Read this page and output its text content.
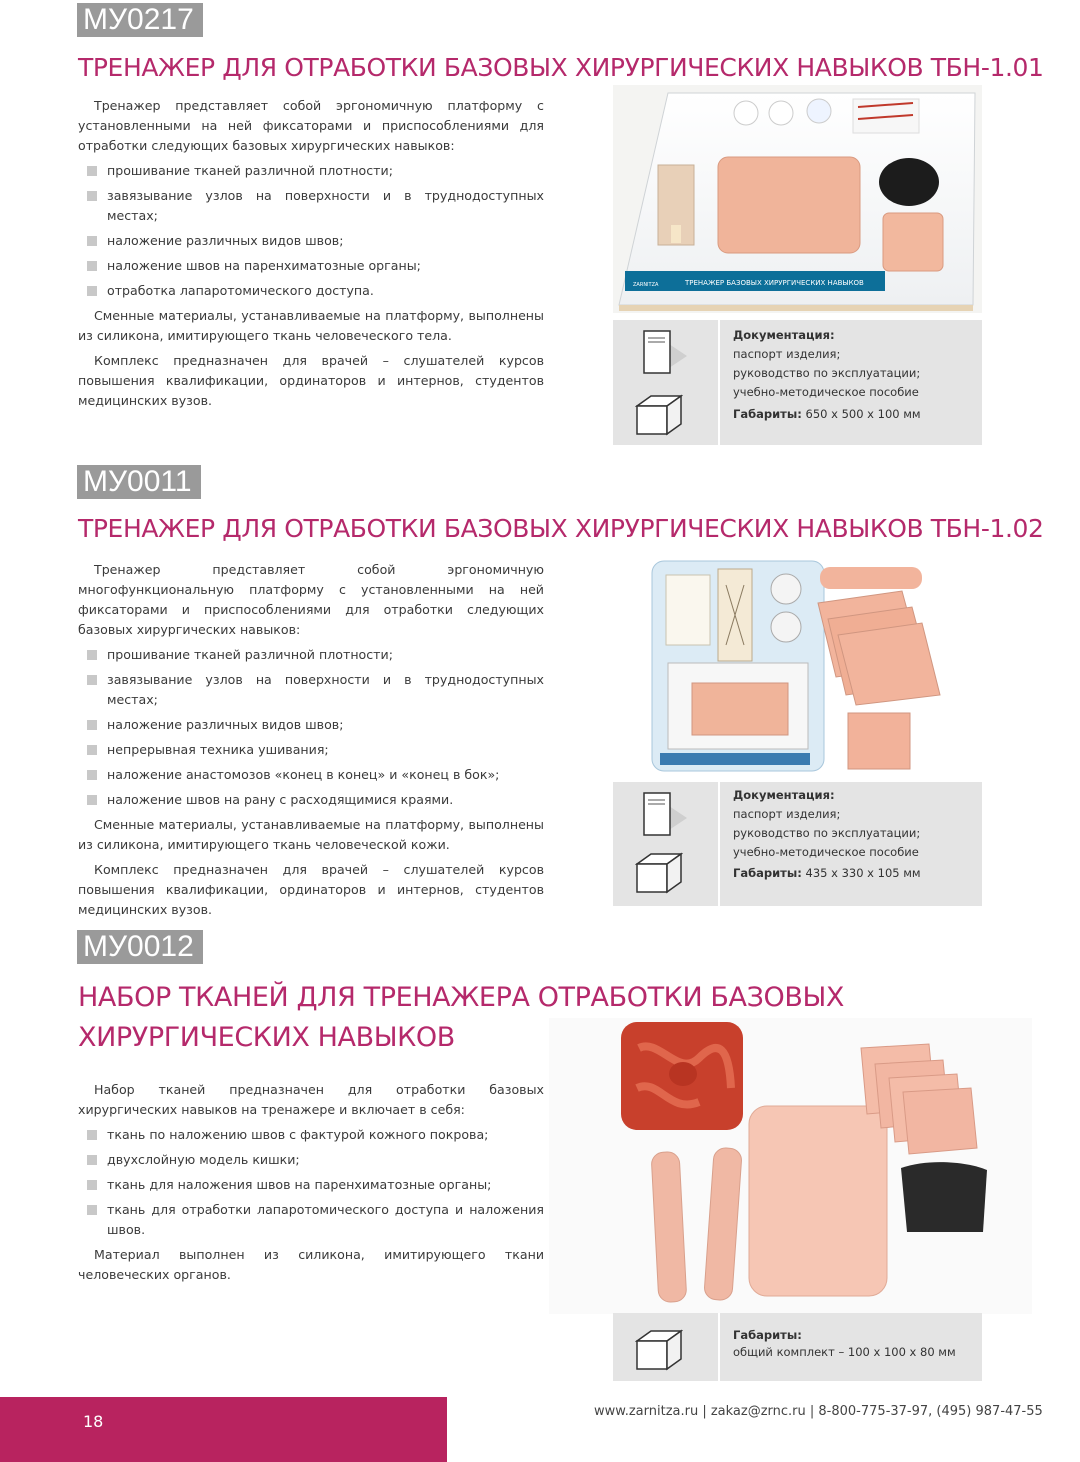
МУ0217
ТРЕНАЖЕР ДЛЯ ОТРАБОТКИ БАЗОВЫХ ХИРУРГИЧЕСКИХ НАВЫКОВ ТБН-1.01

Тренажер представляет собой эргономичную платформу с установленными на ней фиксаторами и приспособлениями для отработки следующих базовых хирургических навыков:

прошивание тканей различной плотности;
завязывание узлов на поверхности и в труднодоступных местах;
наложение различных видов швов;
наложение швов на паренхиматозные органы;
отработка лапаротомического доступа.

Сменные материалы, устанавливаемые на платформу, выполнены из силикона, имитирующего ткань человеческого тела.

Комплекс предназначен для врачей – слушателей курсов повышения квалификации, ординаторов и интернов, студентов медицинских вузов.

ТРЕНАЖЕР БАЗОВЫХ ХИРУРГИЧЕСКИХ НАВЫКОВ
ZARNITZA
Документация:
паспорт изделия;
руководство по эксплуатации;
учебно-методическое пособие
Габариты: 650 х 500 х 100 мм
МУ0011
ТРЕНАЖЕР ДЛЯ ОТРАБОТКИ БАЗОВЫХ ХИРУРГИЧЕСКИХ НАВЫКОВ ТБН-1.02

Тренажер представляет собой эргономичную многофункциональную платформу с установленными на ней фиксаторами и приспособлениями для отработки следующих базовых хирургических навыков:

прошивание тканей различной плотности;
завязывание узлов на поверхности и в труднодоступных местах;
наложение различных видов швов;
непрерывная техника ушивания;
наложение анастомозов «конец в конец» и «конец в бок»;
наложение швов на рану с расходящимися краями.

Сменные материалы, устанавливаемые на платформу, выполнены из силикона, имитирующего ткань человеческой кожи.

Комплекс предназначен для врачей – слушателей курсов повышения квалификации, ординаторов и интернов, студентов медицинских вузов.

Документация:
паспорт изделия;
руководство по эксплуатации;
учебно-методическое пособие
Габариты: 435 х 330 х 105 мм
МУ0012
НАБОР ТКАНЕЙ ДЛЯ ТРЕНАЖЕРА ОТРАБОТКИ БАЗОВЫХ
ХИРУРГИЧЕСКИХ НАВЫКОВ

Набор тканей предназначен для отработки базовых хирургических навыков на тренажере и включает в себя:

ткань по наложению швов с фактурой кожного покрова;
двухслойную модель кишки;
ткань для наложения швов на паренхиматозные органы;
ткань для отработки лапаротомического доступа и наложения швов.

Материал выполнен из силикона, имитирующего ткани человеческих органов.

Габариты:
общий комплект – 100 х 100 х 80 мм
18
www.zarnitza.ru | zakaz@zrnc.ru | 8-800-775-37-97, (495) 987-47-55
